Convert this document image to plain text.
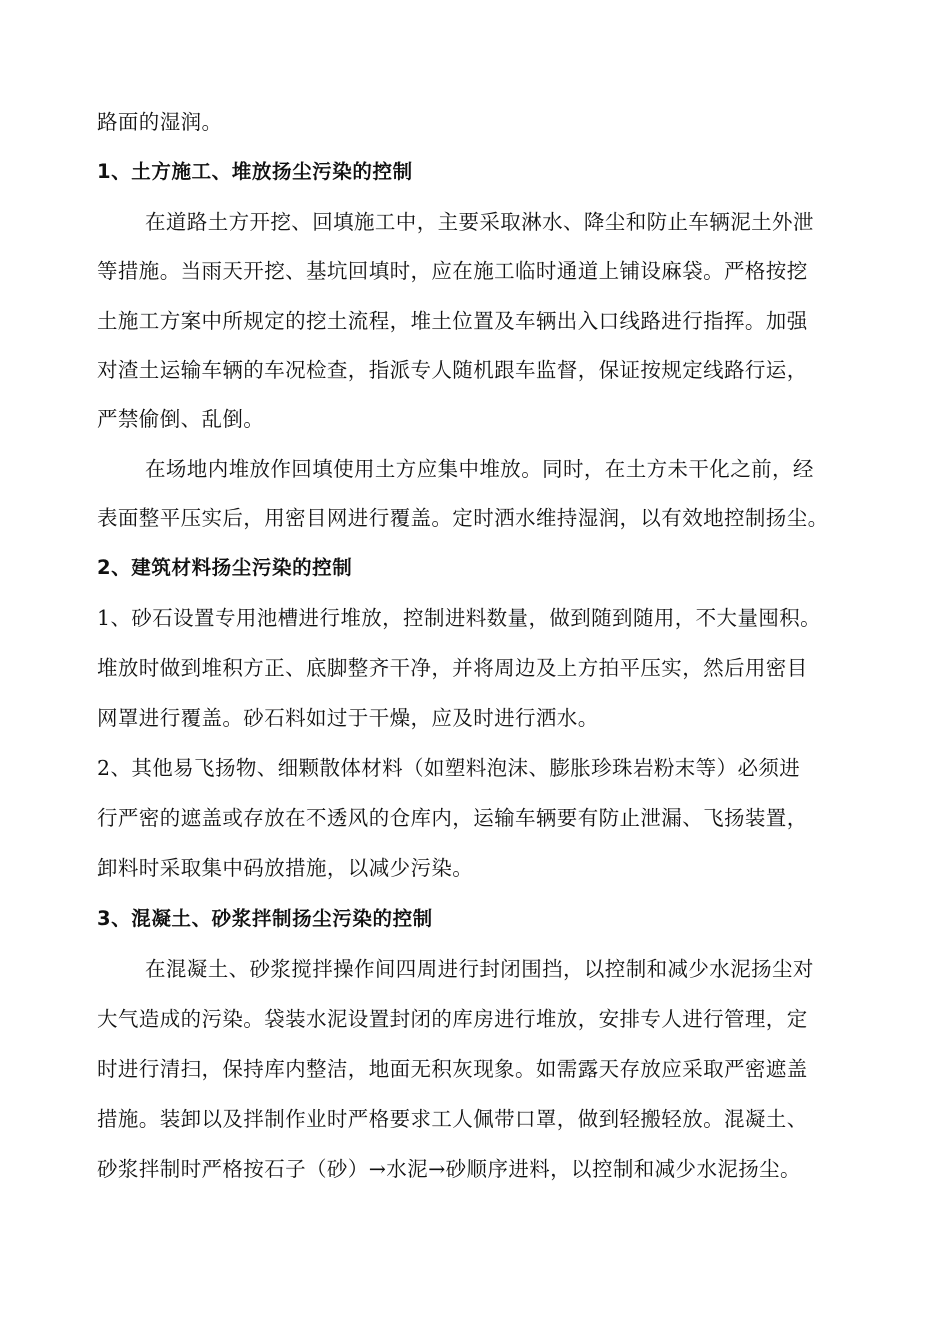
路面的湿润。
1、土方施工、堆放扬尘污染的控制
在道路土方开挖、回填施工中，主要采取淋水、降尘和防止车辆泥土外泄
等措施。当雨天开挖、基坑回填时，应在施工临时通道上铺设麻袋。严格按挖
土施工方案中所规定的挖土流程，堆土位置及车辆出入口线路进行指挥。加强
对渣土运输车辆的车况检查，指派专人随机跟车监督，保证按规定线路行运，
严禁偷倒、乱倒。
在场地内堆放作回填使用土方应集中堆放。同时，在土方未干化之前，经
表面整平压实后，用密目网进行覆盖。定时洒水维持湿润，以有效地控制扬尘。
2、建筑材料扬尘污染的控制
1、砂石设置专用池槽进行堆放，控制进料数量，做到随到随用，不大量囤积。
堆放时做到堆积方正、底脚整齐干净，并将周边及上方拍平压实，然后用密目
网罩进行覆盖。砂石料如过于干燥，应及时进行洒水。
2、其他易飞扬物、细颗散体材料（如塑料泡沫、膨胀珍珠岩粉末等）必须进
行严密的遮盖或存放在不透风的仓库内，运输车辆要有防止泄漏、飞扬装置，
卸料时采取集中码放措施，以减少污染。
3、混凝土、砂浆拌制扬尘污染的控制
在混凝土、砂浆搅拌操作间四周进行封闭围挡，以控制和减少水泥扬尘对
大气造成的污染。袋装水泥设置封闭的库房进行堆放，安排专人进行管理，定
时进行清扫，保持库内整洁，地面无积灰现象。如需露天存放应采取严密遮盖
措施。装卸以及拌制作业时严格要求工人佩带口罩，做到轻搬轻放。混凝土、
砂浆拌制时严格按石子（砂）→水泥→砂顺序进料，以控制和减少水泥扬尘。
